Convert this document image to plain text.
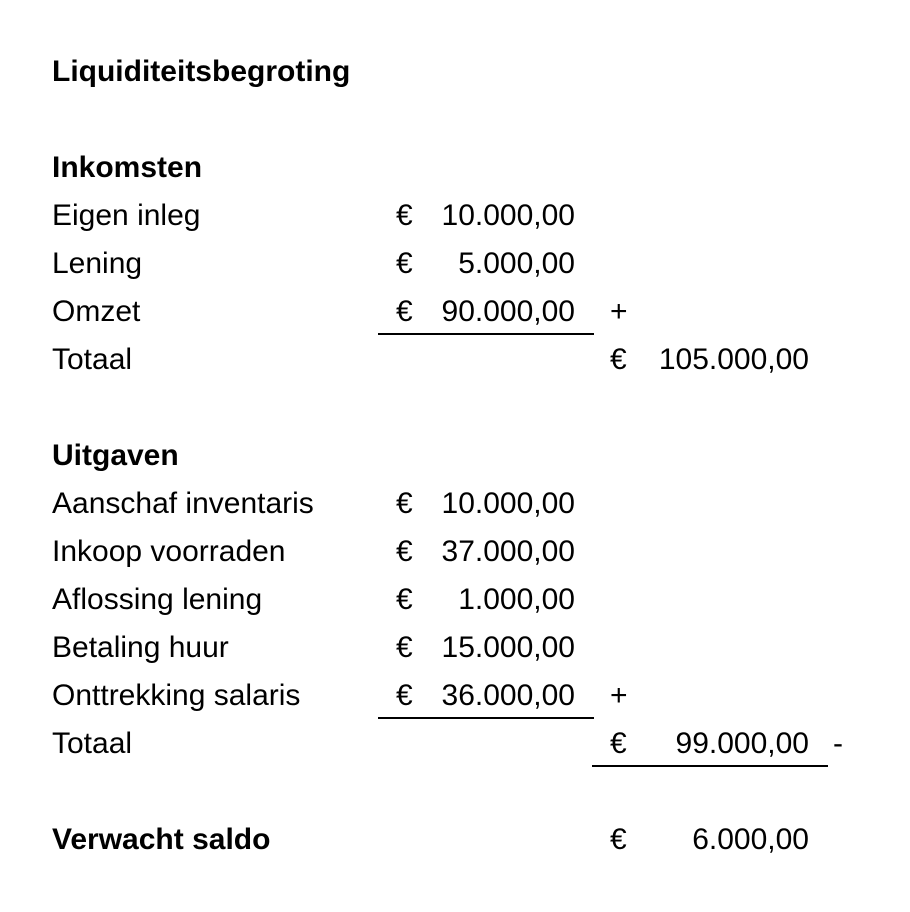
Liquiditeitsbegroting
Inkomsten
Eigen inleg	€ 10.000,00
Lening	€	5.000,00
Omzet	€ 90.000,00 +
Totaal	€	105.000,00
Uitgaven
Aanschaf inventaris	€ 10.000,00
Inkoop voorraden	€ 37.000,00
Aflossing lening	€	1.000,00
Betaling huur	€ 15.000,00
Onttrekking salaris	€ 36.000,00 +
Totaal	€	99.000,00 -
Verwacht saldo	€	6.000,00
